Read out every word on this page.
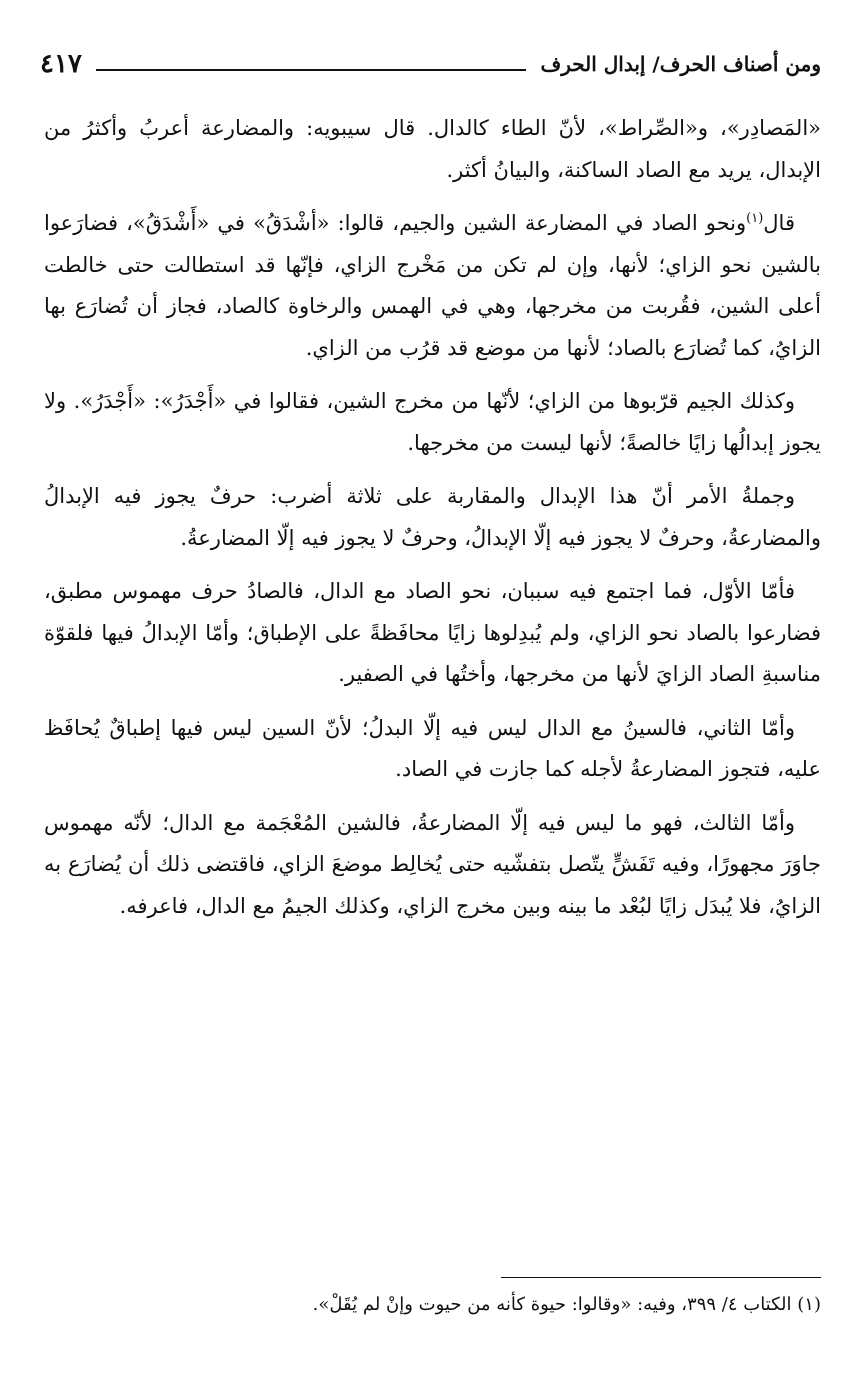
ومن أصناف الحرف/ إبدال الحرف
٤١٧

«المَصادِر»، و«الصِّراط»، لأنّ الطاء كالدال. قال سيبويه: والمضارعة أعربُ وأكثرُ من الإبدال، يريد مع الصاد الساكنة، والبيانُ أكثر.

قال$^{(١)}$ونحو الصاد في المضارعة الشين والجيم، قالوا: «أشْدَقُ» في «أَشْدَقُ»، فضارَعوا بالشين نحو الزاي؛ لأنها، وإن لم تكن من مَخْرج الزاي، فإنّها قد استطالت حتى خالطت أعلى الشين، فقُربت من مخرجها، وهي في الهمس والرخاوة كالصاد، فجاز أن تُضارَع بها الزايُ، كما تُضارَع بالصاد؛ لأنها من موضع قد قرُب من الزاي.

وكذلك الجيم قرّبوها من الزاي؛ لأنّها من مخرج الشين، فقالوا في «أَجْدَرُ»: «أَجْدَرُ». ولا يجوز إبدالُها زايًا خالصةً؛ لأنها ليست من مخرجها.

وجملةُ الأمر أنّ هذا الإبدال والمقاربة على ثلاثة أضرب: حرفٌ يجوز فيه الإبدالُ والمضارعةُ، وحرفٌ لا يجوز فيه إلّا الإبدالُ، وحرفٌ لا يجوز فيه إلّا المضارعةُ.

فأمّا الأوّل، فما اجتمع فيه سببان، نحو الصاد مع الدال، فالصادُ حرف مهموس مطبق، فضارعوا بالصاد نحو الزاي، ولم يُبدِلوها زايًا محافَظةً على الإطباق؛ وأمّا الإبدالُ فيها فلقوّة مناسبةِ الصاد الزايَ لأنها من مخرجها، وأختُها في الصفير.

وأمّا الثاني، فالسينُ مع الدال ليس فيه إلّا البدلُ؛ لأنّ السين ليس فيها إطباقٌ يُحافَظ عليه، فتجوز المضارعةُ لأجله كما جازت في الصاد.

وأمّا الثالث، فهو ما ليس فيه إلّا المضارعةُ، فالشين المُعْجَمة مع الدال؛ لأنّه مهموس جاوَرَ مجهورًا، وفيه تَفَشٍّ يتّصل بتفشّيه حتى يُخالِط موضعَ الزاي، فاقتضى ذلك أن يُضارَع به الزايُ، فلا يُبدَل زايًا لبُعْد ما بينه وبين مخرج الزاي، وكذلك الجيمُ مع الدال، فاعرفه.

(١) الكتاب ٤/ ٣٩٩، وفيه: «وقالوا: حيوة كأنه من حيوت وإنْ لم يُقَلْ».
